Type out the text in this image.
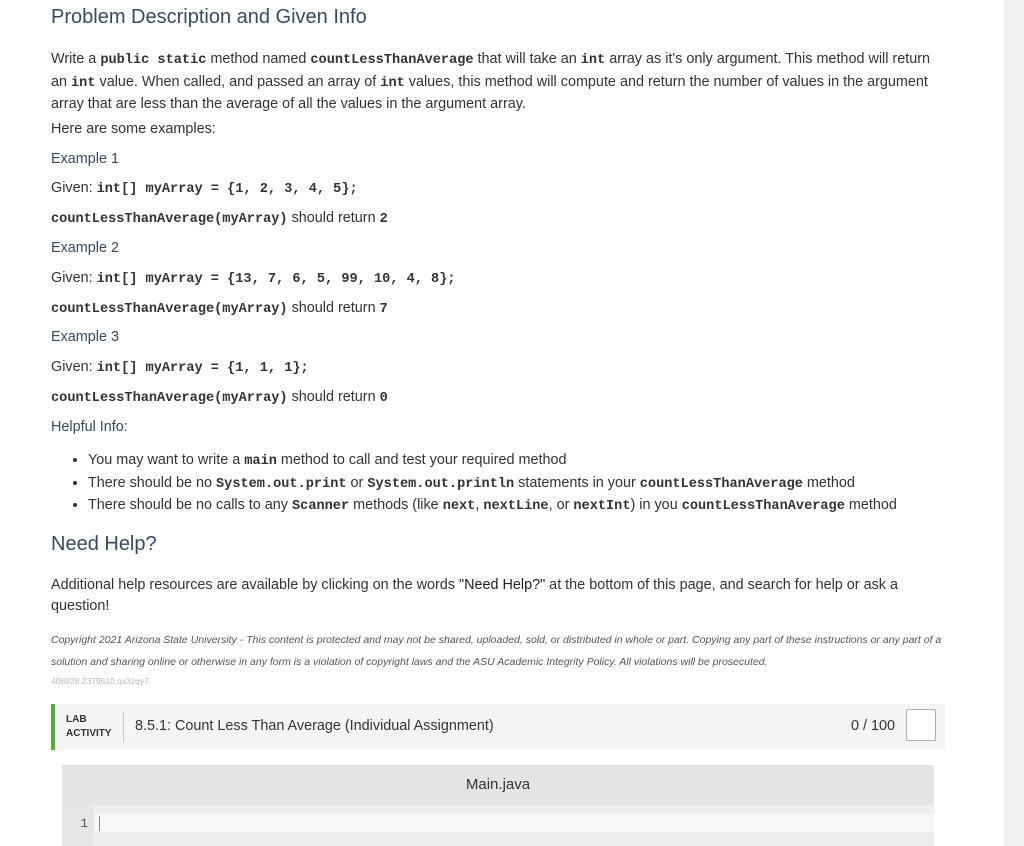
Problem Description and Given Info

Write a public static method named countLessThanAverage that will take an int array as it's only argument. This method will return an int value. When called, and passed an array of int values, this method will compute and return the number of values in the argument array that are less than the average of all the values in the argument array.

Here are some examples:
Example 1
Given: int[] myArray = {1, 2, 3, 4, 5};
countLessThanAverage(myArray) should return 2
Example 2
Given: int[] myArray = {13, 7, 6, 5, 99, 10, 4, 8};
countLessThanAverage(myArray) should return 7
Example 3
Given: int[] myArray = {1, 1, 1};
countLessThanAverage(myArray) should return 0
Helpful Info:
• You may want to write a main method to call and test your required method
• There should be no System.out.print or System.out.println statements in your countLessThanAverage method
• There should be no calls to any Scanner methods (like next, nextLine, or nextInt) in you countLessThanAverage method
Need Help?

Additional help resources are available by clicking on the words "Need Help?" at the bottom of this page, and search for help or ask a question!

Copyright 2021 Arizona State University - This content is protected and may not be shared, uploaded, sold, or distributed in whole or part. Copying any part of these instructions or any part of a solution and sharing online or otherwise in any form is a violation of copyright laws and the ASU Academic Integrity Policy. All violations will be prosecuted.

408928.2379510.qx3zqy7
LAB
ACTIVITY 8.5.1: Count Less Than Average (Individual Assignment)	0 / 100
Main.java
1
